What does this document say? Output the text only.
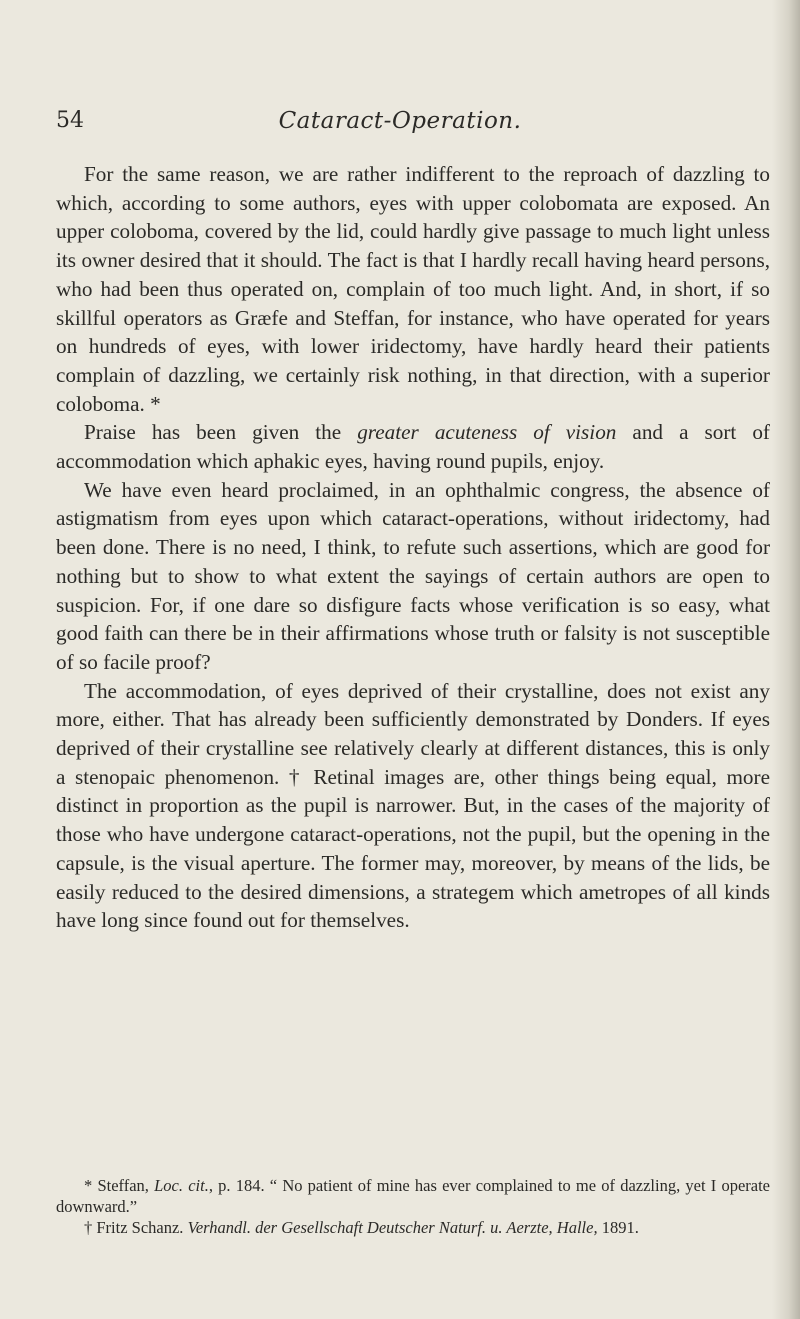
54	Cataract-Operation.

For the same reason, we are rather indifferent to the reproach of dazzling to which, according to some authors, eyes with upper colobomata are exposed. An upper coloboma, covered by the lid, could hardly give passage to much light unless its owner desired that it should. The fact is that I hardly recall having heard persons, who had been thus operated on, complain of too much light. And, in short, if so skillful operators as Græfe and Steffan, for instance, who have operated for years on hundreds of eyes, with lower iridectomy, have hardly heard their patients complain of dazzling, we certainly risk nothing, in that direction, with a superior coloboma. *

Praise has been given the greater acuteness of vision and a sort of accommodation which aphakic eyes, having round pupils, enjoy.

We have even heard proclaimed, in an ophthalmic congress, the absence of astigmatism from eyes upon which cataract-operations, without iridectomy, had been done. There is no need, I think, to refute such assertions, which are good for nothing but to show to what extent the sayings of certain authors are open to suspicion. For, if one dare so disfigure facts whose verification is so easy, what good faith can there be in their affirmations whose truth or falsity is not susceptible of so facile proof?

The accommodation, of eyes deprived of their crystalline, does not exist any more, either. That has already been sufficiently demonstrated by Donders. If eyes deprived of their crystalline see relatively clearly at different distances, this is only a stenopaic phenomenon. † Retinal images are, other things being equal, more distinct in proportion as the pupil is narrower. But, in the cases of the majority of those who have undergone cataract-operations, not the pupil, but the opening in the capsule, is the visual aperture. The former may, moreover, by means of the lids, be easily reduced to the desired dimensions, a strategem which ametropes of all kinds have long since found out for themselves.

* Steffan, Loc. cit., p. 184. “ No patient of mine has ever complained to me of dazzling, yet I operate downward.”

† Fritz Schanz. Verhandl. der Gesellschaft Deutscher Naturf. u. Aerzte, Halle, 1891.
